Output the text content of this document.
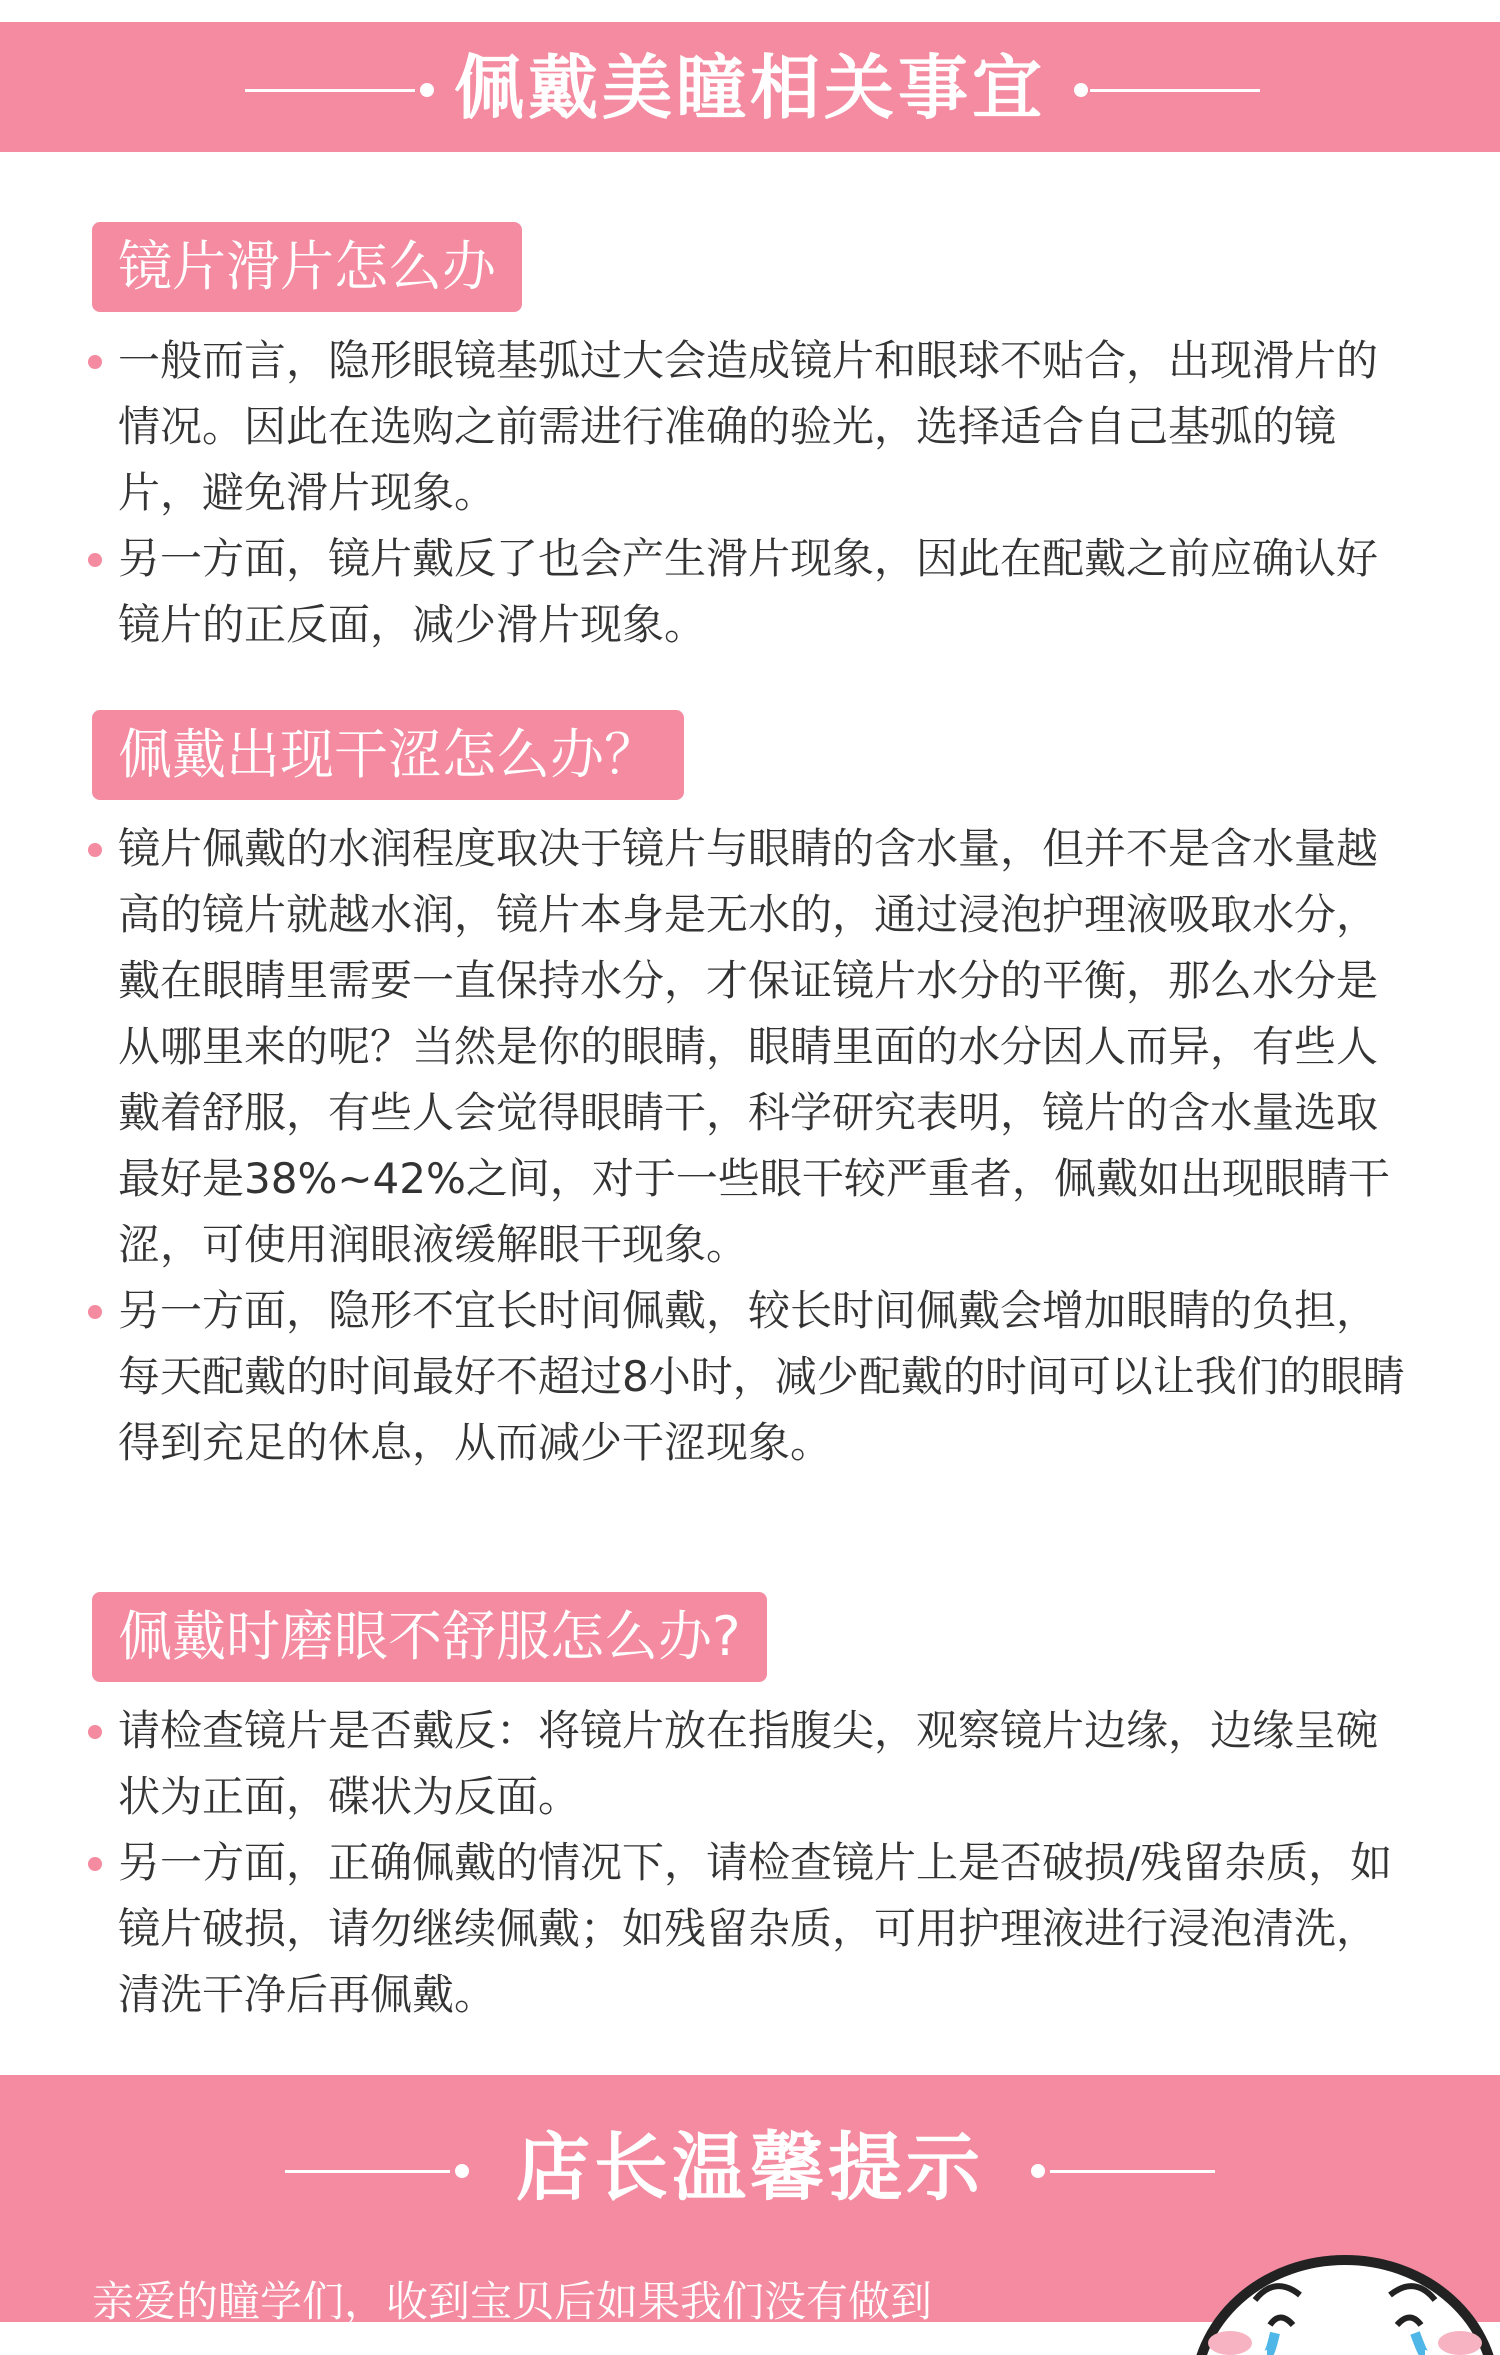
佩戴美瞳相关事宜
镜片滑片怎么办

一般而言，隐形眼镜基弧过大会造成镜片和眼球不贴合，出现滑片的情况。因此在选购之前需进行准确的验光，选择适合自己基弧的镜片，避免滑片现象。

另一方面，镜片戴反了也会产生滑片现象，因此在配戴之前应确认好镜片的正反面，减少滑片现象。

佩戴出现干涩怎么办？

镜片佩戴的水润程度取决于镜片与眼睛的含水量，但并不是含水量越高的镜片就越水润，镜片本身是无水的，通过浸泡护理液吸取水分，戴在眼睛里需要一直保持水分，才保证镜片水分的平衡，那么水分是从哪里来的呢？当然是你的眼睛，眼睛里面的水分因人而异，有些人戴着舒服，有些人会觉得眼睛干，科学研究表明，镜片的含水量选取最好是38%~42%之间，对于一些眼干较严重者，佩戴如出现眼睛干涩，可使用润眼液缓解眼干现象。

另一方面，隐形不宜长时间佩戴，较长时间佩戴会增加眼睛的负担，每天配戴的时间最好不超过8小时，减少配戴的时间可以让我们的眼睛得到充足的休息，从而减少干涩现象。

佩戴时磨眼不舒服怎么办?

请检查镜片是否戴反：将镜片放在指腹尖，观察镜片边缘，边缘呈碗状为正面，碟状为反面。

另一方面，正确佩戴的情况下，请检查镜片上是否破损/残留杂质，如镜片破损，请勿继续佩戴；如残留杂质，可用护理液进行浸泡清洗，清洗干净后再佩戴。

店长温馨提示
亲爱的瞳学们，收到宝贝后如果我们没有做到
